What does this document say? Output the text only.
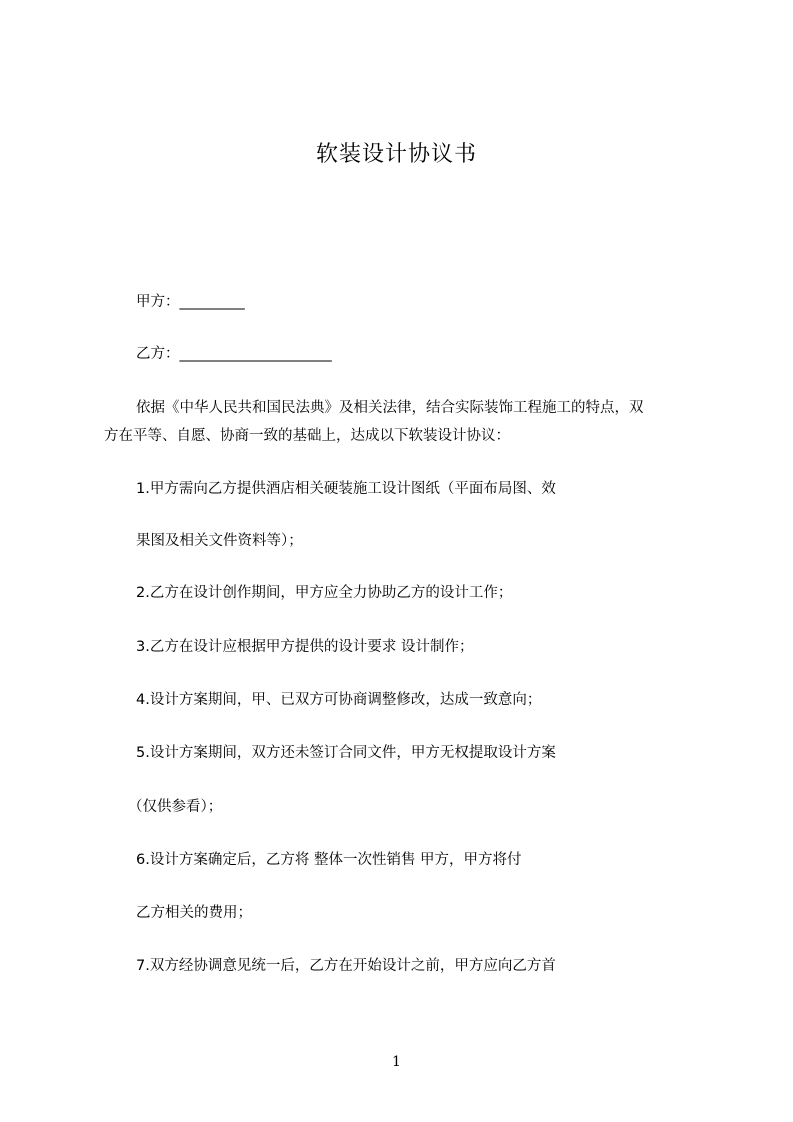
软装设计协议书
甲方：_________
乙方：_____________________
依据《中华人民共和国民法典》及相关法律，结合实际装饰工程施工的特点，双
方在平等、自愿、协商一致的基础上，达成以下软装设计协议：
1.甲方需向乙方提供酒店相关硬装施工设计图纸（平面布局图、效
果图及相关文件资料等）；
2.乙方在设计创作期间，甲方应全力协助乙方的设计工作；
3.乙方在设计应根据甲方提供的设计要求 设计制作；
4.设计方案期间，甲、已双方可协商调整修改，达成一致意向；
5.设计方案期间，双方还未签订合同文件，甲方无权提取设计方案
（仅供参看）；
6.设计方案确定后，乙方将 整体一次性销售 甲方，甲方将付
乙方相关的费用；
7.双方经协调意见统一后，乙方在开始设计之前，甲方应向乙方首
1
